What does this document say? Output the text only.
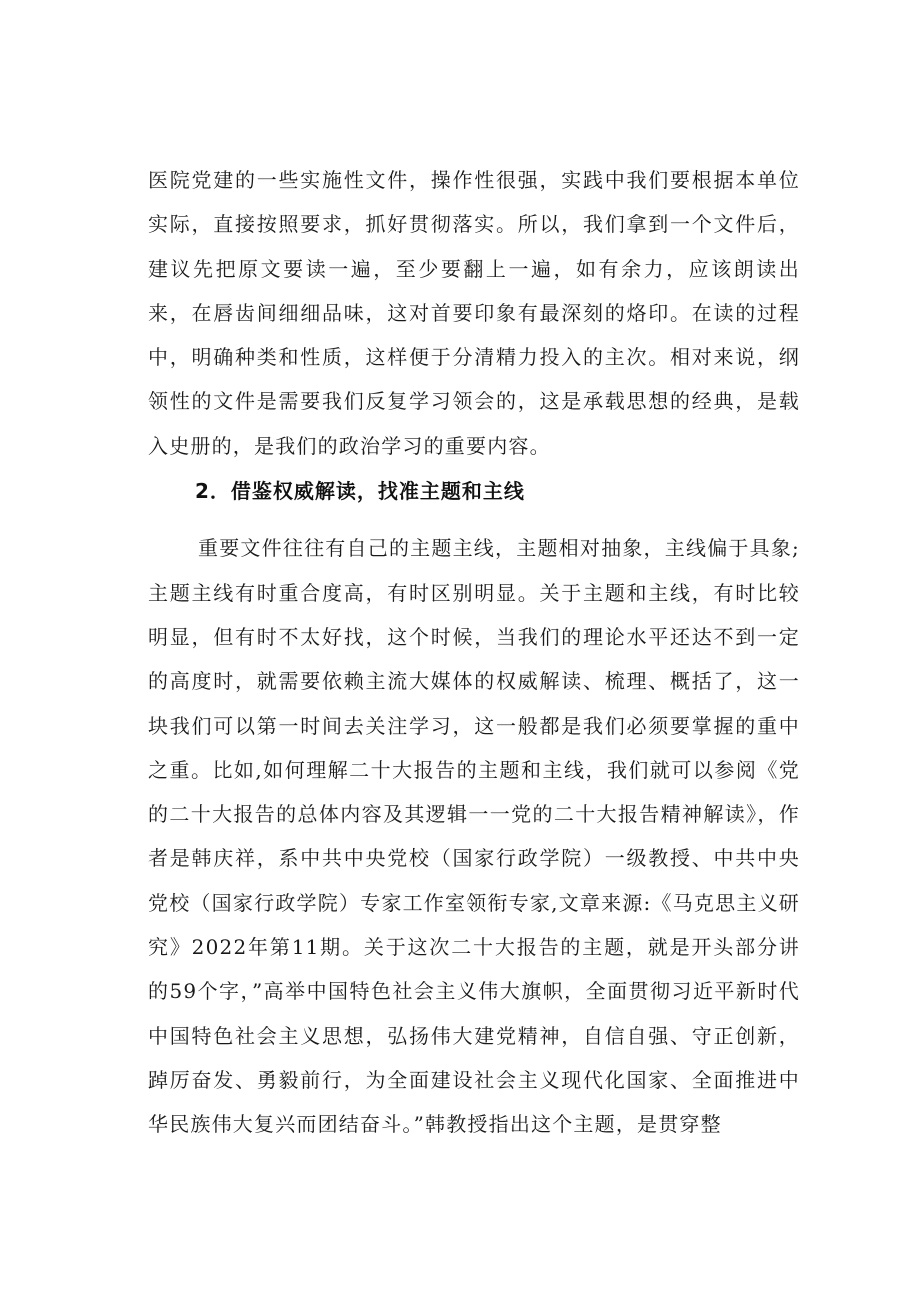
医院党建的一些实施性文件，操作性很强，实践中我们要根据本单位实际，直接按照要求，抓好贯彻落实。所以，我们拿到一个文件后，建议先把原文要读一遍，至少要翻上一遍，如有余力，应该朗读出来，在唇齿间细细品味，这对首要印象有最深刻的烙印。在读的过程中，明确种类和性质，这样便于分清精力投入的主次。相对来说，纲领性的文件是需要我们反复学习领会的，这是承载思想的经典，是载入史册的，是我们的政治学习的重要内容。

2．借鉴权威解读，找准主题和主线

重要文件往往有自己的主题主线，主题相对抽象，主线偏于具象;主题主线有时重合度高，有时区别明显。关于主题和主线，有时比较明显，但有时不太好找，这个时候，当我们的理论水平还达不到一定的高度时，就需要依赖主流大媒体的权威解读、梳理、概括了，这一块我们可以第一时间去关注学习，这一般都是我们必须要掌握的重中之重。比如,如何理解二十大报告的主题和主线，我们就可以参阅《党的二十大报告的总体内容及其逻辑一一党的二十大报告精神解读》，作者是韩庆祥，系中共中央党校（国家行政学院）一级教授、中共中央党校（国家行政学院）专家工作室领衔专家,文章来源:《马克思主义研究》2022年第11期。关于这次二十大报告的主题，就是开头部分讲的59个字，”高举中国特色社会主义伟大旗帜，全面贯彻习近平新时代中国特色社会主义思想，弘扬伟大建党精神，自信自强、守正创新，踔厉奋发、勇毅前行，为全面建设社会主义现代化国家、全面推进中华民族伟大复兴而团结奋斗。”韩教授指出这个主题，是贯穿整
